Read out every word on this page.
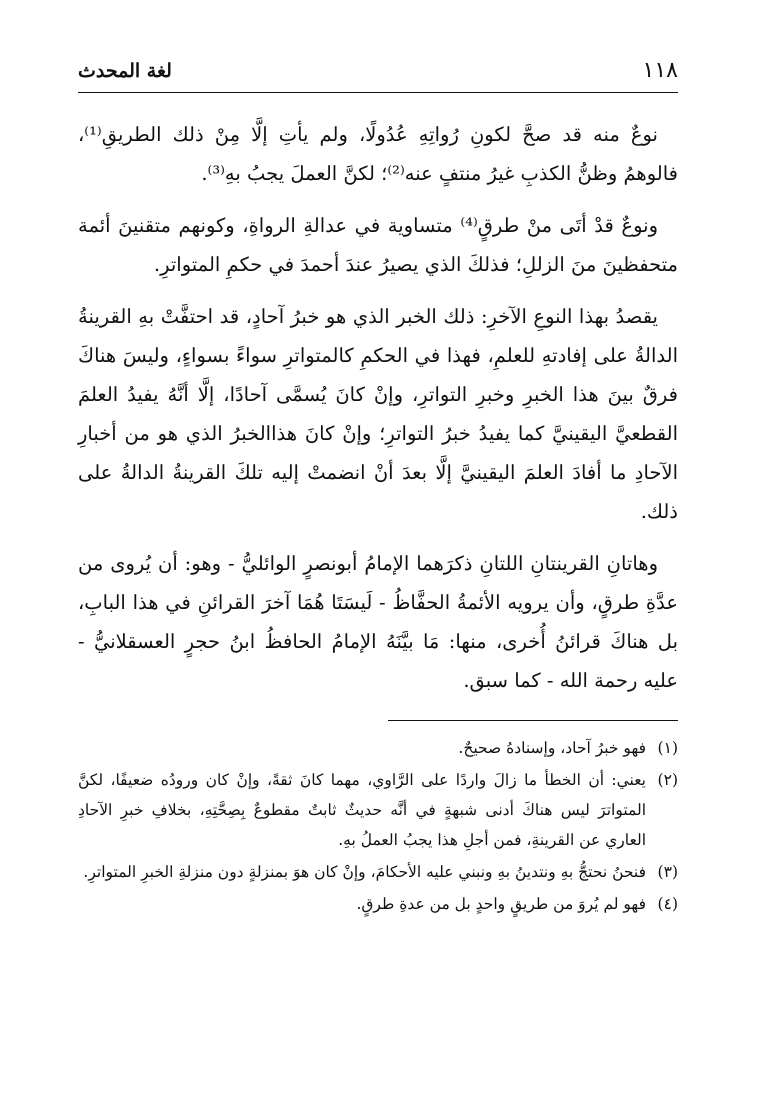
١١٨
لغة المحدث

نوعٌ منه قد صحَّ لكونِ رُواتِهِ عُدُولًا، ولم يأتِ إلَّا مِنْ ذلك الطريقِ⁽¹⁾، فالوهمُ وظنُّ الكذبِ غيرُ منتفٍ عنه⁽²⁾؛ لكنَّ العملَ يجبُ بهِ⁽³⁾.

ونوعٌ قدْ أتَى منْ طرقٍ⁽⁴⁾ متساوية في عدالةِ الرواةِ، وكونهم متقنينَ أئمة متحفظينَ منَ الزللِ؛ فذلكَ الذي يصيرُ عندَ أحمدَ في حكمِ المتواترِ.

يقصدُ بهذا النوعِ الآخرِ: ذلك الخبر الذي هو خبرُ آحادٍ، قد احتفَّتْ بهِ القرينةُ الدالةُ على إفادتهِ للعلمِ، فهذا في الحكمِ كالمتواترِ سواءً بسواءٍ، وليسَ هناكَ فرقٌ بينَ هذا الخبرِ وخبرِ التواترِ، وإنْ كانَ يُسمَّى آحادًا، إلَّا أنَّهُ يفيدُ العلمَ القطعيَّ اليقينيَّ كما يفيدُ خبرُ التواترِ؛ وإنْ كانَ هذاالخبرُ الذي هو من أخبارِ الآحادِ ما أفادَ العلمَ اليقينيَّ إلَّا بعدَ أنْ انضمتْ إليه تلكَ القرينةُ الدالةُ على ذلك.

وهاتانِ القرينتانِ اللتانِ ذكرَهما الإمامُ أبونصرٍ الوائليُّ - وهو: أن يُروى من عدَّةِ طرقٍ، وأن يرويه الأئمةُ الحفَّاظُ - لَيسَتَا هُمَا آخرَ القرائنِ في هذا البابِ، بل هناكَ قرائنُ أُخرى، منها: مَا بيَّنَهُ الإمامُ الحافظُ ابنُ حجرٍ العسقلانيُّ - عليه رحمة الله - كما سبق.

(١)
فهو خبرُ آحاد، وإسنادهُ صحيحٌ.
(٢)
يعني: أن الخطأ ما زالَ واردًا على الرَّاوي، مهما كانَ ثقةً، وإنْ كان ورودُه ضعيفًا، لكنَّ المتواترَ ليس هناكَ أدنى شبهةٍ في أنَّه حديثٌ ثابتٌ مقطوعٌ بِصِحَّتِهِ، بخلافِ خبرِ الآحادِ العاري عن القرينةِ، فمن أجلِ هذا يجبُ العملُ بهِ.
(٣)
فنحنُ نحتجُّ بهِ ونتدينُ بهِ ونبني عليه الأحكامَ، وإنْ كان هوَ بمنزلةٍ دون منزلةِ الخبرِ المتواترِ.
(٤)
فهو لم يُروَ من طريقٍ واحدٍ بل من عدةِ طرقٍ.
